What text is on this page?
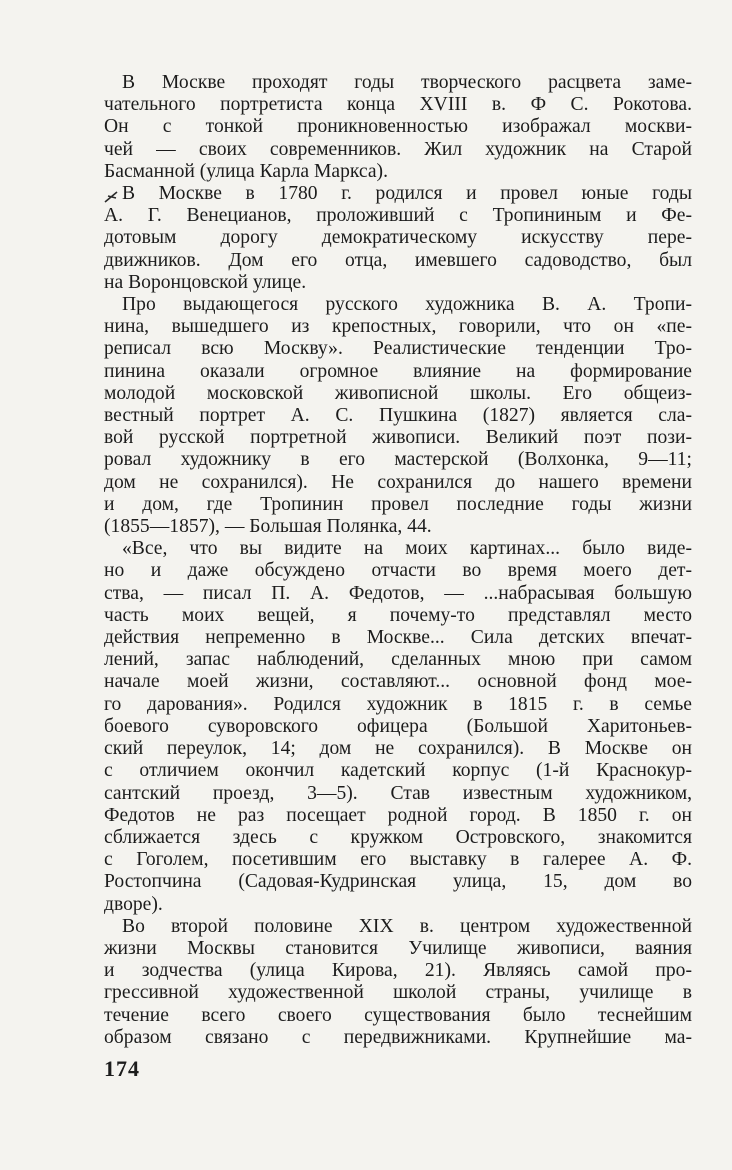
В Москве проходят годы творческого расцвета заме-
чательного портретиста конца XVIII в. Ф С. Рокотова.
Он с тонкой проникновенностью изображал москви-
чей — своих современников. Жил художник на Старой
Басманной (улица Карла Маркса).

В Москве в 1780 г. родился и провел юные годы
А. Г. Венецианов, проложивший с Тропининым и Фе-
дотовым дорогу демократическому искусству пере-
движников. Дом его отца, имевшего садоводство, был
на Воронцовской улице.

Про выдающегося русского художника В. А. Тропи-
нина, вышедшего из крепостных, говорили, что он «пе-
реписал всю Москву». Реалистические тенденции Тро-
пинина оказали огромное влияние на формирование
молодой московской живописной школы. Его общеиз-
вестный портрет А. С. Пушкина (1827) является сла-
вой русской портретной живописи. Великий поэт пози-
ровал художнику в его мастерской (Волхонка, 9—11;
дом не сохранился). Не сохранился до нашего времени
и дом, где Тропинин провел последние годы жизни
(1855—1857), — Большая Полянка, 44.

«Все, что вы видите на моих картинах... было виде-
но и даже обсуждено отчасти во время моего дет-
ства, — писал П. А. Федотов, — ...набрасывая большую
часть моих вещей, я почему-то представлял место
действия непременно в Москве... Сила детских впечат-
лений, запас наблюдений, сделанных мною при самом
начале моей жизни, составляют... основной фонд мое-
го дарования». Родился художник в 1815 г. в семье
боевого суворовского офицера (Большой Харитоньев-
ский переулок, 14; дом не сохранился). В Москве он
с отличием окончил кадетский корпус (1-й Краснокур-
сантский проезд, 3—5). Став известным художником,
Федотов не раз посещает родной город. В 1850 г. он
сближается здесь с кружком Островского, знакомится
с Гоголем, посетившим его выставку в галерее А. Ф.
Ростопчина (Садовая-Кудринская улица, 15, дом во
дворе).

Во второй половине XIX в. центром художественной
жизни Москвы становится Училище живописи, ваяния
и зодчества (улица Кирова, 21). Являясь самой про-
грессивной художественной школой страны, училище в
течение всего своего существования было теснейшим
образом связано с передвижниками. Крупнейшие ма-

174
